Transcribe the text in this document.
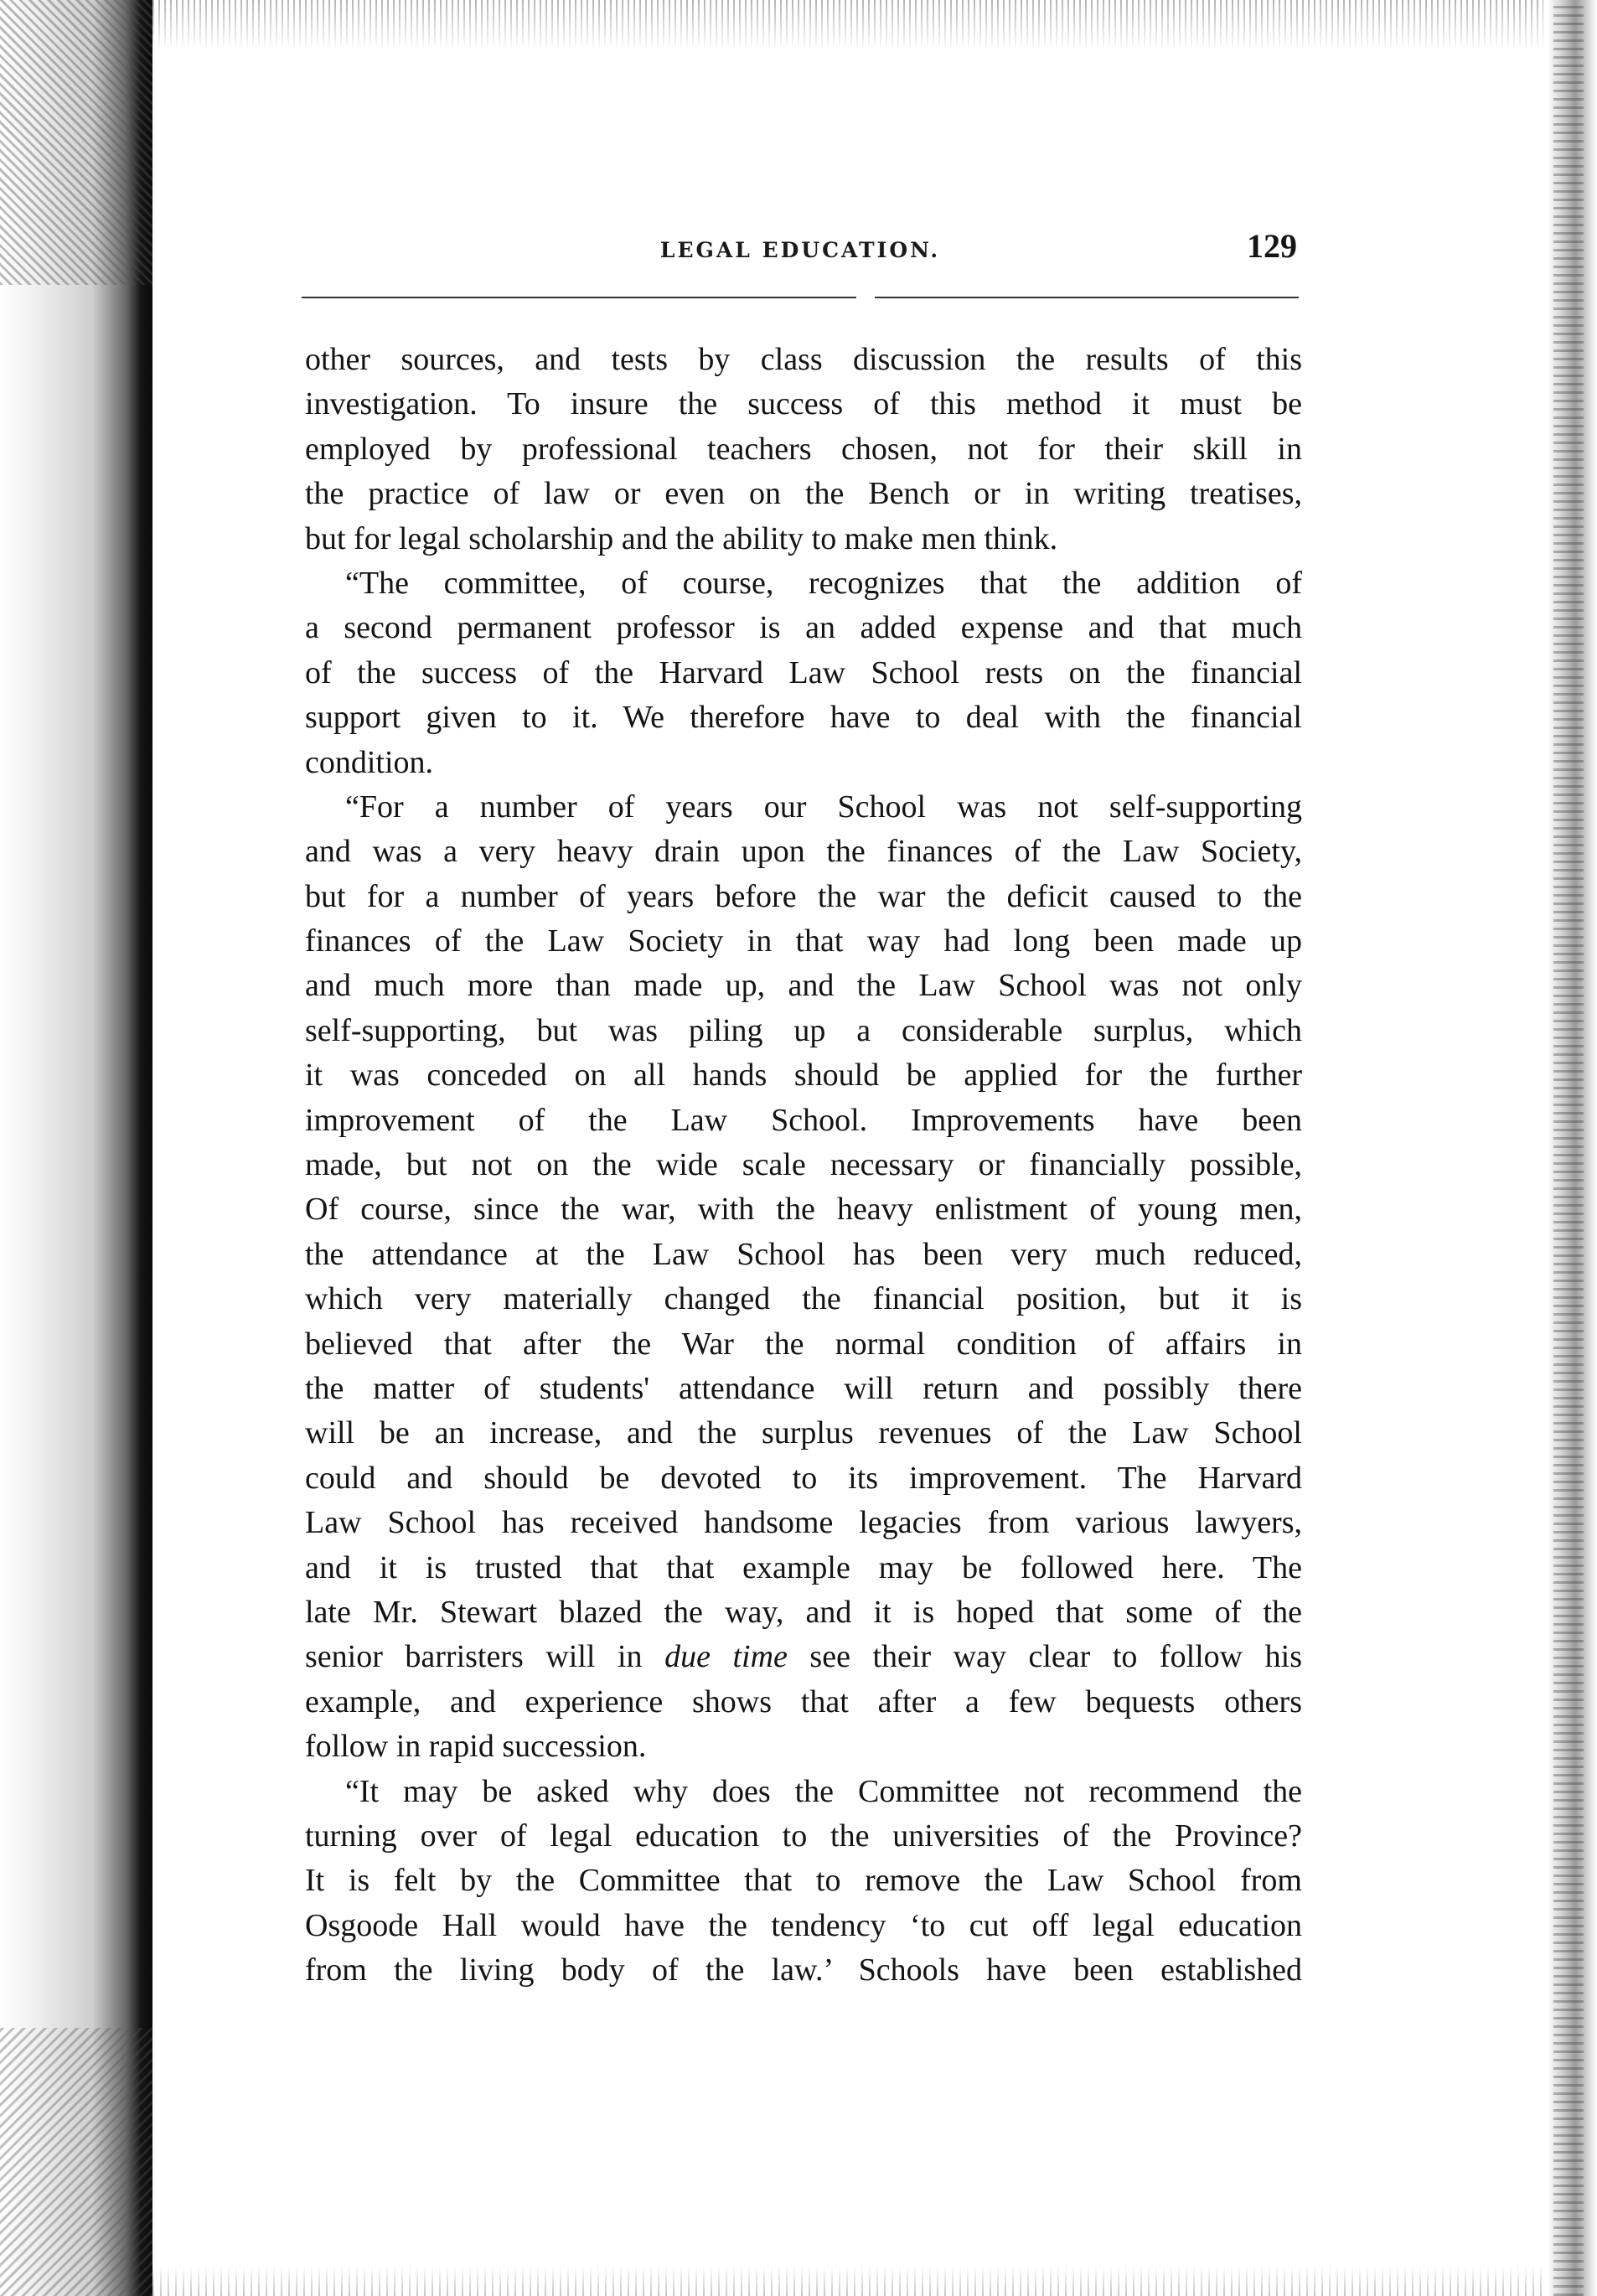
LEGAL EDUCATION.	129
other sources, and tests by class discussion the results of this
investigation. To insure the success of this method it must be
employed by professional teachers chosen, not for their skill in
the practice of law or even on the Bench or in writing treatises,
but for legal scholarship and the ability to make men think.
“The committee, of course, recognizes that the addition of
a second permanent professor is an added expense and that much
of the success of the Harvard Law School rests on the financial
support given to it. We therefore have to deal with the financial
condition.
“For a number of years our School was not self-supporting
and was a very heavy drain upon the finances of the Law Society,
but for a number of years before the war the deficit caused to the
finances of the Law Society in that way had long been made up
and much more than made up, and the Law School was not only
self-supporting, but was piling up a considerable surplus, which
it was conceded on all hands should be applied for the further
improvement of the Law School. Improvements have been
made, but not on the wide scale necessary or financially possible,
Of course, since the war, with the heavy enlistment of young men,
the attendance at the Law School has been very much reduced,
which very materially changed the financial position, but it is
believed that after the War the normal condition of affairs in
the matter of students' attendance will return and possibly there
will be an increase, and the surplus revenues of the Law School
could and should be devoted to its improvement. The Harvard
Law School has received handsome legacies from various lawyers,
and it is trusted that that example may be followed here. The
late Mr. Stewart blazed the way, and it is hoped that some of the
senior barristers will in due time see their way clear to follow his
example, and experience shows that after a few bequests others
follow in rapid succession.
“It may be asked why does the Committee not recommend the
turning over of legal education to the universities of the Province?
It is felt by the Committee that to remove the Law School from
Osgoode Hall would have the tendency ‘to cut off legal education
from the living body of the law.’ Schools have been established
